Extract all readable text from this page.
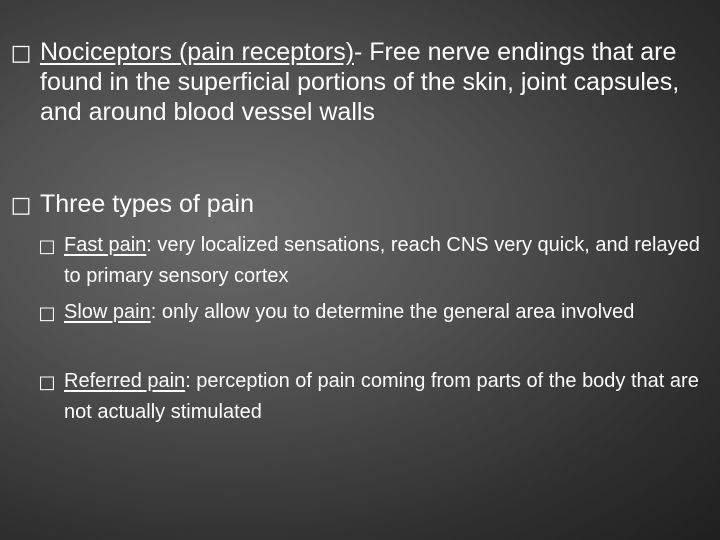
□ Nociceptors (pain receptors)- Free nerve endings that are found in the superficial portions of the skin, joint capsules, and around blood vessel walls

□ Three types of pain

□ Fast pain: very localized sensations, reach CNS very quick, and relayed to primary sensory cortex

□ Slow pain: only allow you to determine the general area involved

□ Referred pain: perception of pain coming from parts of the body that are not actually stimulated
